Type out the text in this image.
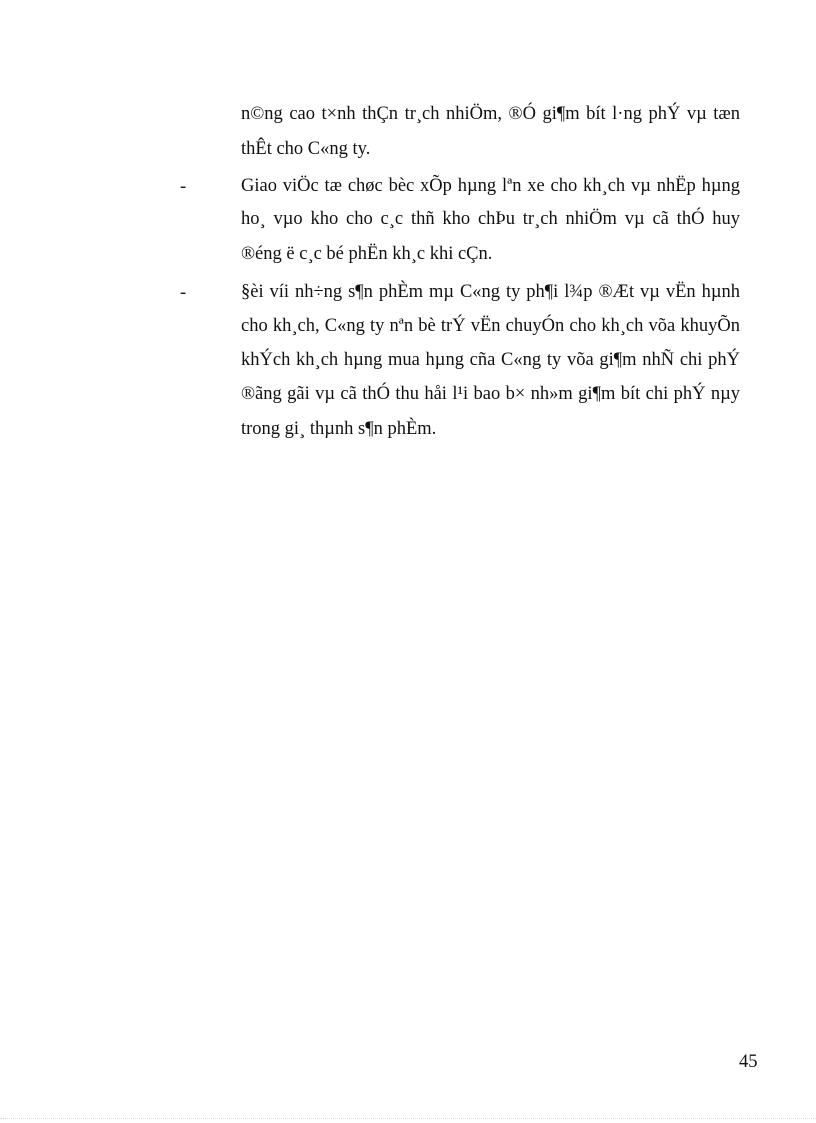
n©ng cao t×nh thÇn tr¸ch nhiÖm, ®Ó gi¶m bít l·ng phÝ vµ tæn
thÊt cho C«ng ty.
-	Giao viÖc tæ chøc bèc xÕp hµng lªn xe cho kh¸ch vµ nhËp hµng
ho¸ vµo kho cho c¸c thñ kho chÞu tr¸ch nhiÖm vµ cã thÓ huy
®éng ë c¸c bé phËn kh¸c khi cÇn.
-	§èi víi nh÷ng s¶n phÈm mµ C«ng ty ph¶i l¾p ®Æt vµ vËn hµnh
cho kh¸ch, C«ng ty nªn bè trÝ vËn chuyÓn cho kh¸ch võa khuyÕn
khÝch kh¸ch hµng mua hµng cña C«ng ty võa gi¶m nhÑ chi phÝ
®ãng gãi vµ cã thÓ thu håi l¹i bao b× nh»m gi¶m bít chi phÝ nµy
trong gi¸ thµnh s¶n phÈm.
45
